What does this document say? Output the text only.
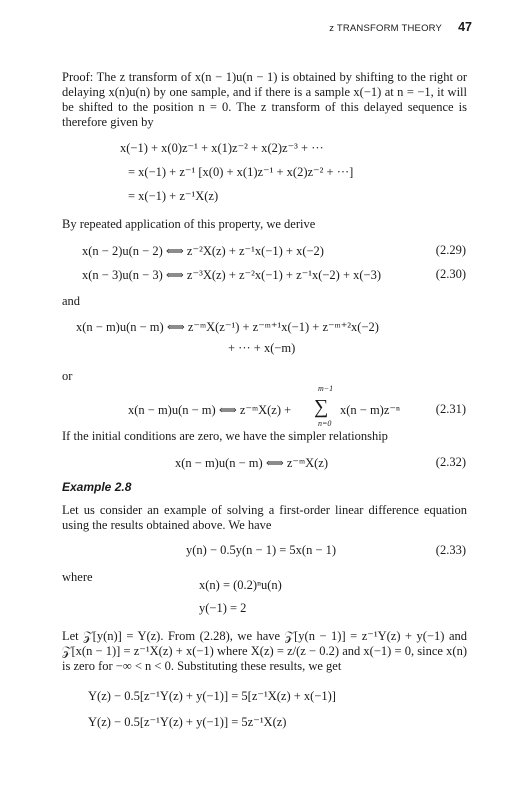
z TRANSFORM THEORY 47

Proof: The z transform of x(n − 1)u(n − 1) is obtained by shifting to the right or delaying x(n)u(n) by one sample, and if there is a sample x(−1) at n = −1, it will be shifted to the position n = 0. The z transform of this delayed sequence is therefore given by

x(−1) + x(0)z⁻¹ + x(1)z⁻² + x(2)z⁻³ + ···
= x(−1) + z⁻¹ [x(0) + x(1)z⁻¹ + x(2)z⁻² + ···]
= x(−1) + z⁻¹X(z)

By repeated application of this property, we derive

x(n − 2)u(n − 2) ⟺ z⁻²X(z) + z⁻¹x(−1) + x(−2)	(2.29)
x(n − 3)u(n − 3) ⟺ z⁻³X(z) + z⁻²x(−1) + z⁻¹x(−2) + x(−3)	(2.30)

and

x(n − m)u(n − m) ⟺ z⁻ᵐX(z⁻¹) + z⁻ᵐ⁺¹x(−1) + z⁻ᵐ⁺²x(−2)
+ ··· + x(−m)

or

x(n − m)u(n − m) ⟺ z⁻ᵐX(z) +
m−1
∑
n=0
x(n − m)z⁻ⁿ	(2.31)

If the initial conditions are zero, we have the simpler relationship

x(n − m)u(n − m) ⟺ z⁻ᵐX(z)	(2.32)
Example 2.8

Let us consider an example of solving a first-order linear difference equation using the results obtained above. We have

y(n) − 0.5y(n − 1) = 5x(n − 1)	(2.33)

where

x(n) = (0.2)ⁿu(n)
y(−1) = 2

Let 𝒵[y(n)] = Y(z). From (2.28), we have 𝒵[y(n − 1)] = z⁻¹Y(z) + y(−1) and 𝒵[x(n − 1)] = z⁻¹X(z) + x(−1) where X(z) = z/(z − 0.2) and x(−1) = 0, since x(n) is zero for −∞ < n < 0. Substituting these results, we get

Y(z) − 0.5[z⁻¹Y(z) + y(−1)] = 5[z⁻¹X(z) + x(−1)]
Y(z) − 0.5[z⁻¹Y(z) + y(−1)] = 5z⁻¹X(z)
